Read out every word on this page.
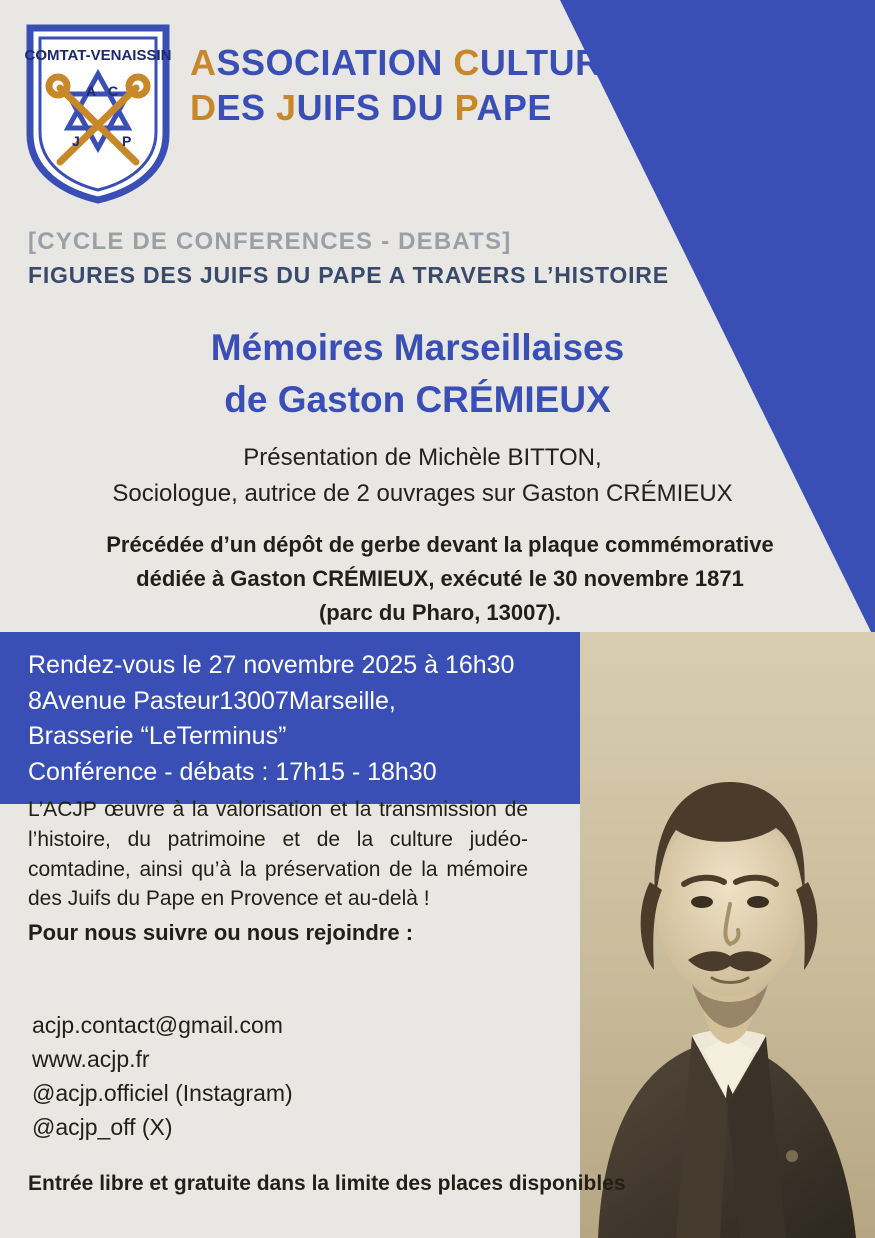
COMTAT-VENAISSIN
A C
J	P
ASSOCIATION CULTURELLE
DES JUIFS DU PAPE
[CYCLE DE CONFERENCES - DEBATS]
FIGURES DES JUIFS DU PAPE A TRAVERS L’HISTOIRE
Mémoires Marseillaises
de Gaston CRÉMIEUX
Présentation de Michèle BITTON,
Sociologue, autrice de 2 ouvrages sur Gaston CRÉMIEUX
Précédée d’un dépôt de gerbe devant la plaque commémorative
dédiée à Gaston CRÉMIEUX, exécuté le 30 novembre 1871
(parc du Pharo, 13007).
Rendez-vous le 27 novembre 2025 à 16h30
8Avenue Pasteur13007Marseille,
Brasserie “LeTerminus”
Conférence - débats : 17h15 - 18h30
L’ACJP œuvre à la valorisation et la transmission de l’histoire, du patrimoine et de la culture judéo-comtadine, ainsi qu’à la préservation de la mémoire des Juifs du Pape en Provence et au-delà !
Pour nous suivre ou nous rejoindre :
acjp.contact@gmail.com
www.acjp.fr
@acjp.officiel (Instagram)
@acjp_off (X)
Entrée libre et gratuite dans la limite des places disponibles
